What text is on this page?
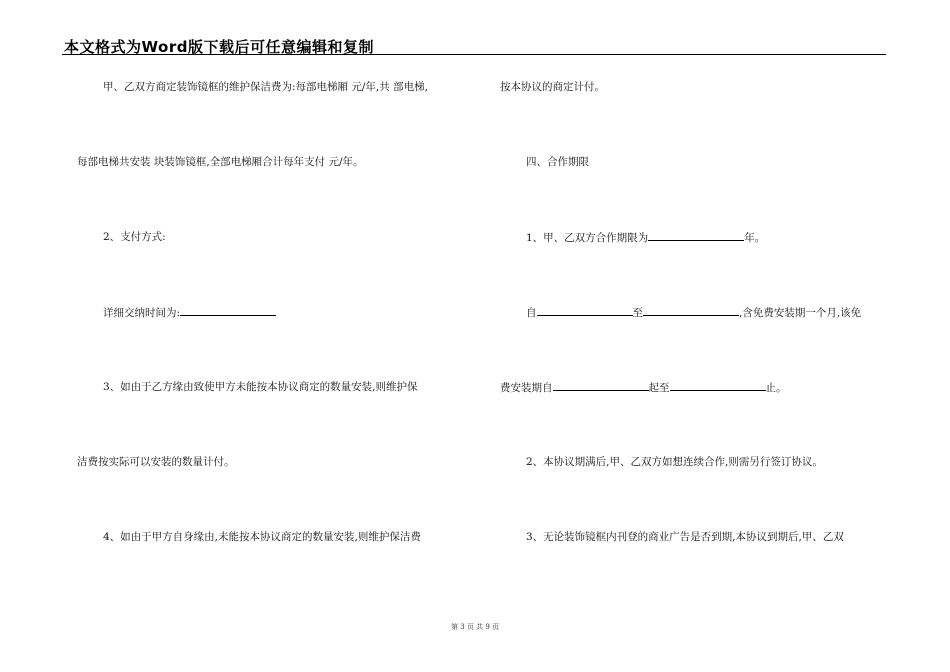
本文格式为Word版下载后可任意编辑和复制
甲、乙双方商定装饰镜框的维护保洁费为:每部电梯厢 元/年,共 部电梯,
每部电梯共安装 块装饰镜框,全部电梯厢合计每年支付 元/年。
2、支付方式:
详细交纳时间为:
3、如由于乙方缘由致使甲方未能按本协议商定的数量安装,则维护保
洁费按实际可以安装的数量计付。
4、如由于甲方自身缘由,未能按本协议商定的数量安装,则维护保洁费
按本协议的商定计付。
四、合作期限
1、甲、乙双方合作期限为	年。
自	至	,含免费安装期一个月,该免
费安装期自	起至	止。
2、本协议期满后,甲、乙双方如想连续合作,则需另行签订协议。
3、无论装饰镜框内刊登的商业广告是否到期,本协议到期后,甲、乙双
第 3 页 共 9 页
